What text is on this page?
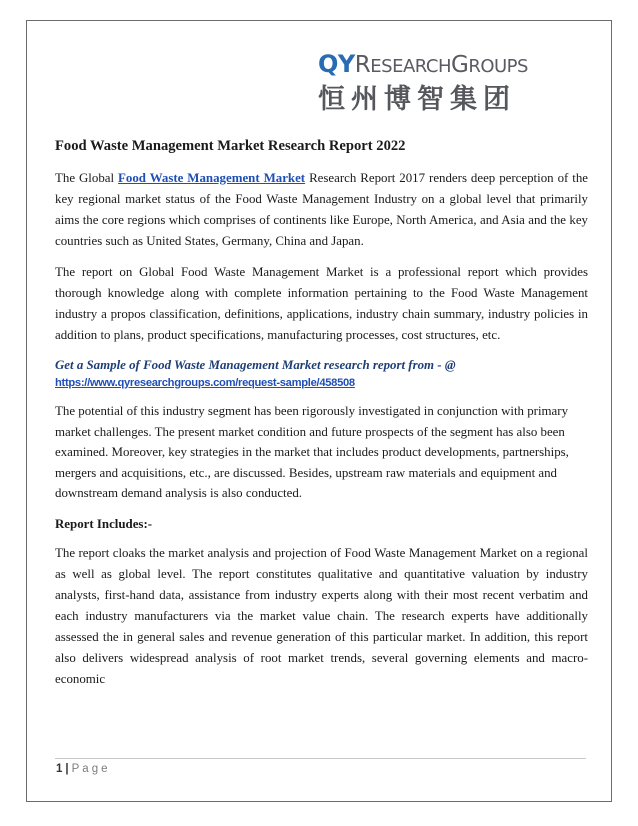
QYRESEARCHGROUPS
恒州博智集团
Food Waste Management Market Research Report 2022

The Global Food Waste Management Market Research Report 2017 renders deep perception of the key regional market status of the Food Waste Management Industry on a global level that primarily aims the core regions which comprises of continents like Europe, North America, and Asia and the key countries such as United States, Germany, China and Japan.

The report on Global Food Waste Management Market is a professional report which provides thorough knowledge along with complete information pertaining to the Food Waste Management industry a propos classification, definitions, applications, industry chain summary, industry policies in addition to plans, product specifications, manufacturing processes, cost structures, etc.

Get a Sample of Food Waste Management Market research report from - @
https://www.qyresearchgroups.com/request-sample/458508

The potential of this industry segment has been rigorously investigated in conjunction with primary market challenges. The present market condition and future prospects of the segment has also been examined. Moreover, key strategies in the market that includes product developments, partnerships, mergers and acquisitions, etc., are discussed. Besides, upstream raw materials and equipment and downstream demand analysis is also conducted.

Report Includes:-

The report cloaks the market analysis and projection of Food Waste Management Market on a regional as well as global level. The report constitutes qualitative and quantitative valuation by industry analysts, first-hand data, assistance from industry experts along with their most recent verbatim and each industry manufacturers via the market value chain. The research experts have additionally assessed the in general sales and revenue generation of this particular market. In addition, this report also delivers widespread analysis of root market trends, several governing elements and macro-economic

1 | Page
